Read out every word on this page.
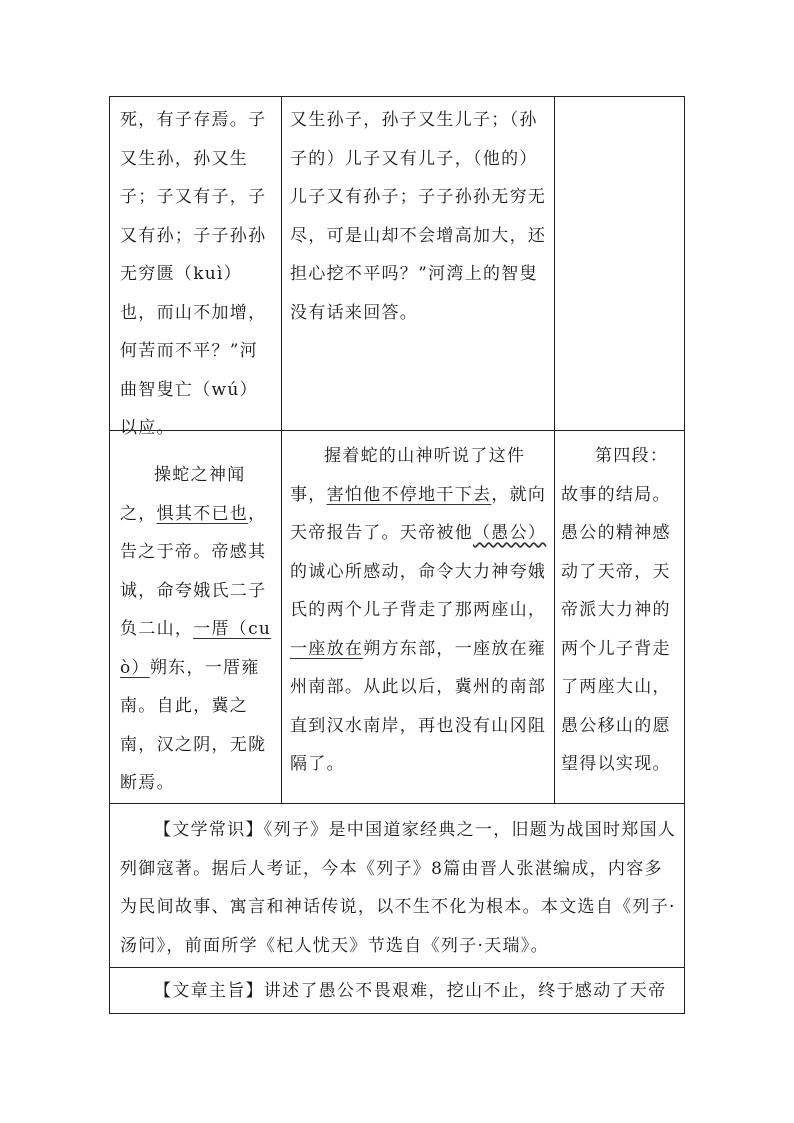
死，有子存焉。子又生孙，孙又生子；子又有子，子又有孙；子子孙孙无穷匮（kuì）也，而山不加增，何苦而不平？”河曲智叟亡（wú）以应。
又生孙子，孙子又生儿子；（孙子的）儿子又有儿子，（他的）儿子又有孙子；子子孙孙无穷无尽，可是山却不会增高加大，还担心挖不平吗？”河湾上的智叟没有话来回答。
操蛇之神闻之，惧其不已也，告之于帝。帝感其诚，命夸娥氏二子负二山，一厝（cuò）朔东，一厝雍南。自此，冀之南，汉之阴，无陇断焉。
握着蛇的山神听说了这件事，害怕他不停地干下去，就向天帝报告了。天帝被他（愚公）的诚心所感动，命令大力神夸娥氏的两个儿子背走了那两座山，一座放在朔方东部，一座放在雍州南部。从此以后，冀州的南部直到汉水南岸，再也没有山冈阻隔了。
第四段：故事的结局。愚公的精神感动了天帝，天帝派大力神的两个儿子背走了两座大山，愚公移山的愿望得以实现。
【文学常识】《列子》是中国道家经典之一，旧题为战国时郑国人列御寇著。据后人考证，今本《列子》8篇由晋人张湛编成，内容多为民间故事、寓言和神话传说，以不生不化为根本。本文选自《列子·汤问》，前面所学《杞人忧天》节选自《列子·天瑞》。
【文章主旨】讲述了愚公不畏艰难，挖山不止，终于感动了天帝
